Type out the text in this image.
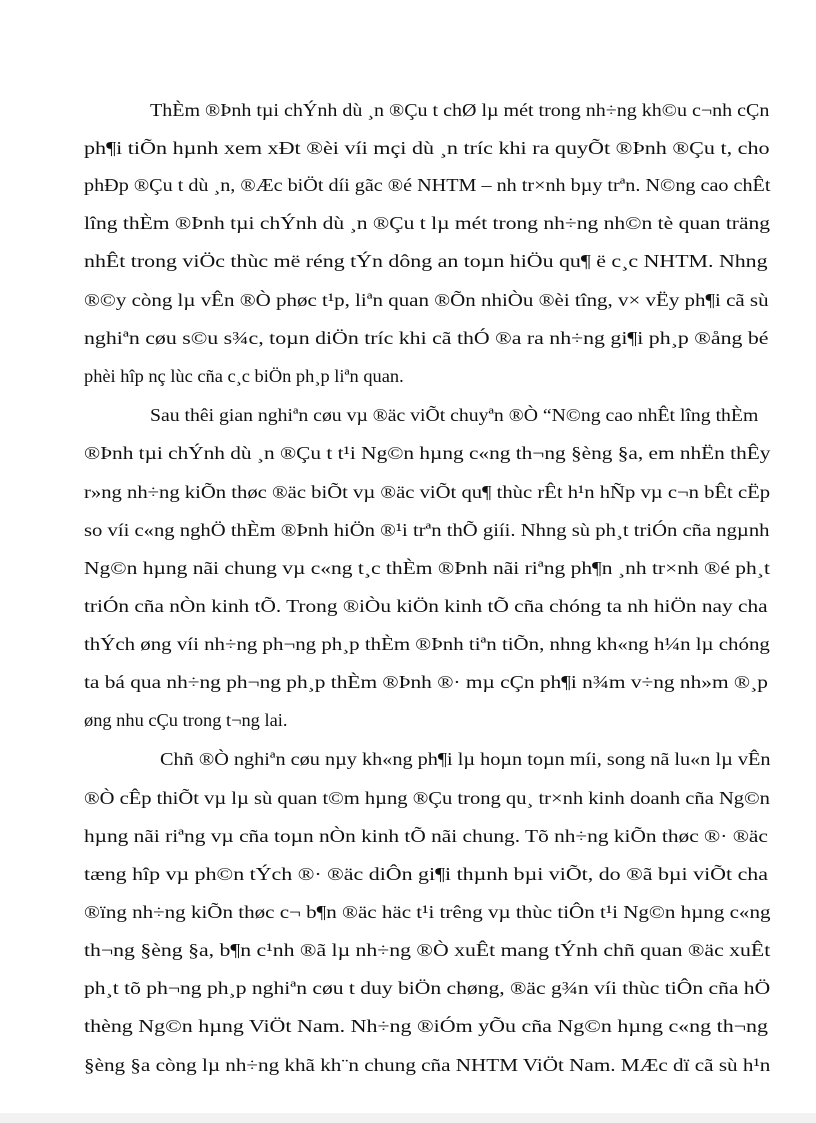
ThÈm ®Þnh tµi chÝnh dù ¸n ®Çu t chØ lµ mét trong nh÷ng kh©u c¬nh cÇn
ph¶i tiÕn hµnh xem xÐt ®èi víi mçi dù ¸n tríc khi ra quyÕt ®Þnh ®Çu t, cho
phÐp ®Çu t dù ¸n, ®Æc biÖt díi gãc ®é NHTM – nh tr×nh bµy trªn. N©ng cao chÊt
lîng thÈm ®Þnh tµi chÝnh dù ¸n ®Çu t lµ mét trong nh÷ng nh©n tè quan träng
nhÊt trong viÖc thùc më réng tÝn dông an toµn hiÖu qu¶ ë c¸c NHTM. Nhng
®©y còng lµ vÊn ®Ò phøc t¹p, liªn quan ®Õn nhiÒu ®èi tîng, v× vËy ph¶i cã sù
nghiªn cøu s©u s¾c, toµn diÖn tríc khi cã thÓ ®a ra nh÷ng gi¶i ph¸p ®ång bé
phèi hîp nç lùc cña c¸c biÖn ph¸p liªn quan.
Sau thêi gian nghiªn cøu vµ ®äc viÕt chuyªn ®Ò “N©ng cao nhÊt lîng thÈm
®Þnh tµi chÝnh dù ¸n ®Çu t t¹i Ng©n hµng c«ng th¬ng §èng §a, em nhËn thÊy
r»ng nh÷ng kiÕn thøc ®äc biÕt vµ ®äc viÕt qu¶ thùc rÊt h¹n hÑp vµ c¬n bÊt cËp
so víi c«ng nghÖ thÈm ®Þnh hiÖn ®¹i trªn thÕ giíi. Nhng sù ph¸t triÓn cña ngµnh
Ng©n hµng nãi chung vµ c«ng t¸c thÈm ®Þnh nãi riªng ph¶n ¸nh tr×nh ®é ph¸t
triÓn cña nÒn kinh tÕ. Trong ®iÒu kiÖn kinh tÕ cña chóng ta nh hiÖn nay cha
thÝch øng víi nh÷ng ph¬ng ph¸p thÈm ®Þnh tiªn tiÕn, nhng kh«ng h¼n lµ chóng
ta bá qua nh÷ng ph¬ng ph¸p thÈm ®Þnh ®· mµ cÇn ph¶i n¾m v÷ng nh»m ®¸p
øng nhu cÇu trong t¬ng lai.
Chñ ®Ò nghiªn cøu nµy kh«ng ph¶i lµ hoµn toµn míi, song nã lu«n lµ vÊn
®Ò cÊp thiÕt vµ lµ sù quan t©m hµng ®Çu trong qu¸ tr×nh kinh doanh cña Ng©n
hµng nãi riªng vµ cña toµn nÒn kinh tÕ nãi chung. Tõ nh÷ng kiÕn thøc ®· ®äc
tæng hîp vµ ph©n tÝch ®· ®äc diÔn gi¶i thµnh bµi viÕt, do ®ã bµi viÕt cha
®ïng nh÷ng kiÕn thøc c¬ b¶n ®äc häc t¹i trêng vµ thùc tiÔn t¹i Ng©n hµng c«ng
th¬ng §èng §a, b¶n c¹nh ®ã lµ nh÷ng ®Ò xuÊt mang tÝnh chñ quan ®äc xuÊt
ph¸t tõ ph¬ng ph¸p nghiªn cøu t duy biÖn chøng, ®äc g¾n víi thùc tiÔn cña hÖ
thèng Ng©n hµng ViÖt Nam. Nh÷ng ®iÓm yÕu cña Ng©n hµng c«ng th¬ng
§èng §a còng lµ nh÷ng khã kh¨n chung cña NHTM ViÖt Nam. MÆc dï cã sù h¹n
